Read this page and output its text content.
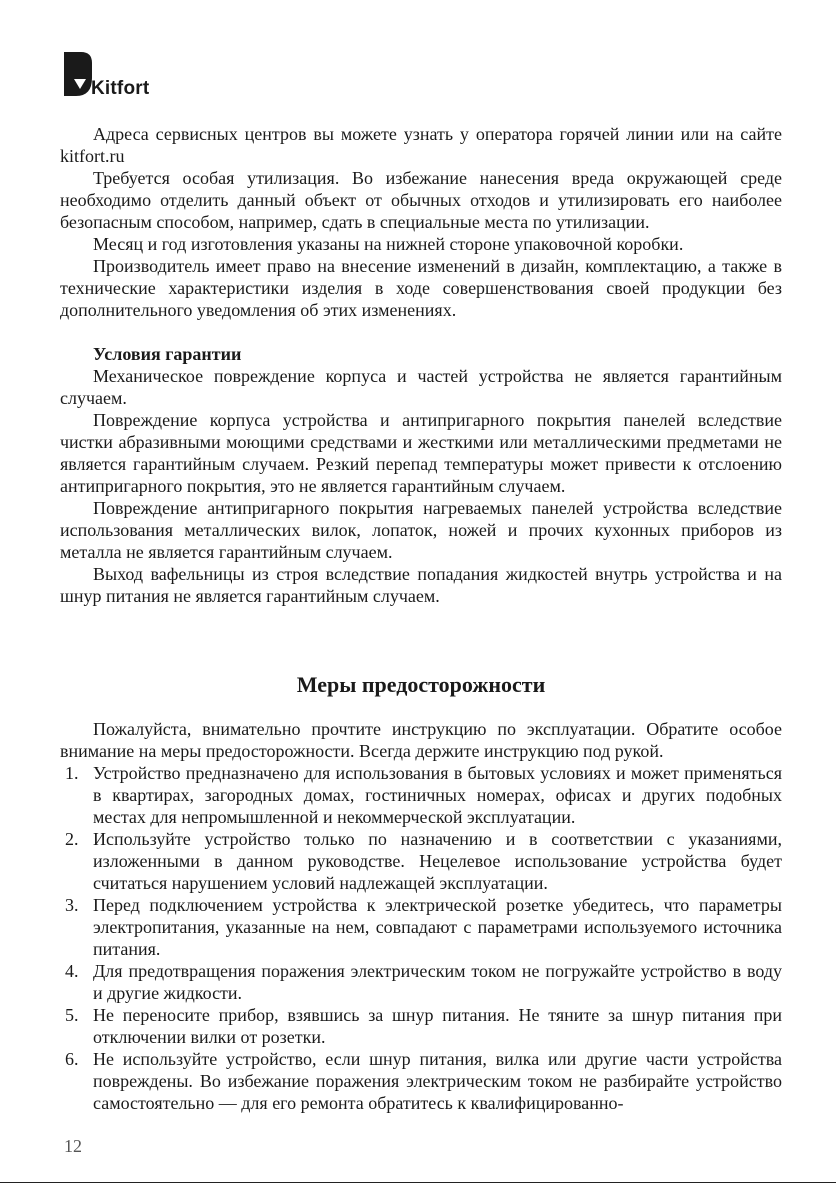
Kitfort

Адреса сервисных центров вы можете узнать у оператора горячей линии или на сайте kitfort.ru

Требуется особая утилизация. Во избежание нанесения вреда окружающей среде необходимо отделить данный объект от обычных отходов и утилизировать его наиболее безопасным способом, например, сдать в специальные места по утилизации.

Месяц и год изготовления указаны на нижней стороне упаковочной коробки.

Производитель имеет право на внесение изменений в дизайн, комплектацию, а также в технические характеристики изделия в ходе совершенствования своей продукции без дополнительного уведомления об этих изменениях.

Условия гарантии

Механическое повреждение корпуса и частей устройства не является гарантийным случаем.

Повреждение корпуса устройства и антипригарного покрытия панелей вследствие чистки абразивными моющими средствами и жесткими или металлическими предметами не является гарантийным случаем. Резкий перепад температуры может привести к отслоению антипригарного покрытия, это не является гарантийным случаем.

Повреждение антипригарного покрытия нагреваемых панелей устройства вследствие использования металлических вилок, лопаток, ножей и прочих кухонных приборов из металла не является гарантийным случаем.

Выход вафельницы из строя вследствие попадания жидкостей внутрь устройства и на шнур питания не является гарантийным случаем.

Меры предосторожности

Пожалуйста, внимательно прочтите инструкцию по эксплуатации. Обратите особое внимание на меры предосторожности. Всегда держите инструкцию под рукой.

1. Устройство предназначено для использования в бытовых условиях и может применяться в квартирах, загородных домах, гостиничных номерах, офисах и других подобных местах для непромышленной и некоммерческой эксплуатации.
2. Используйте устройство только по назначению и в соответствии с указаниями, изложенными в данном руководстве. Нецелевое использование устройства будет считаться нарушением условий надлежащей эксплуатации.
3. Перед подключением устройства к электрической розетке убедитесь, что параметры электропитания, указанные на нем, совпадают с параметрами используемого источника питания.
4. Для предотвращения поражения электрическим током не погружайте устройство в воду и другие жидкости.
5. Не переносите прибор, взявшись за шнур питания. Не тяните за шнур питания при отключении вилки от розетки.
6. Не используйте устройство, если шнур питания, вилка или другие части устройства повреждены. Во избежание поражения электрическим током не разбирайте устройство самостоятельно — для его ремонта обратитесь к квалифицированно-
12
